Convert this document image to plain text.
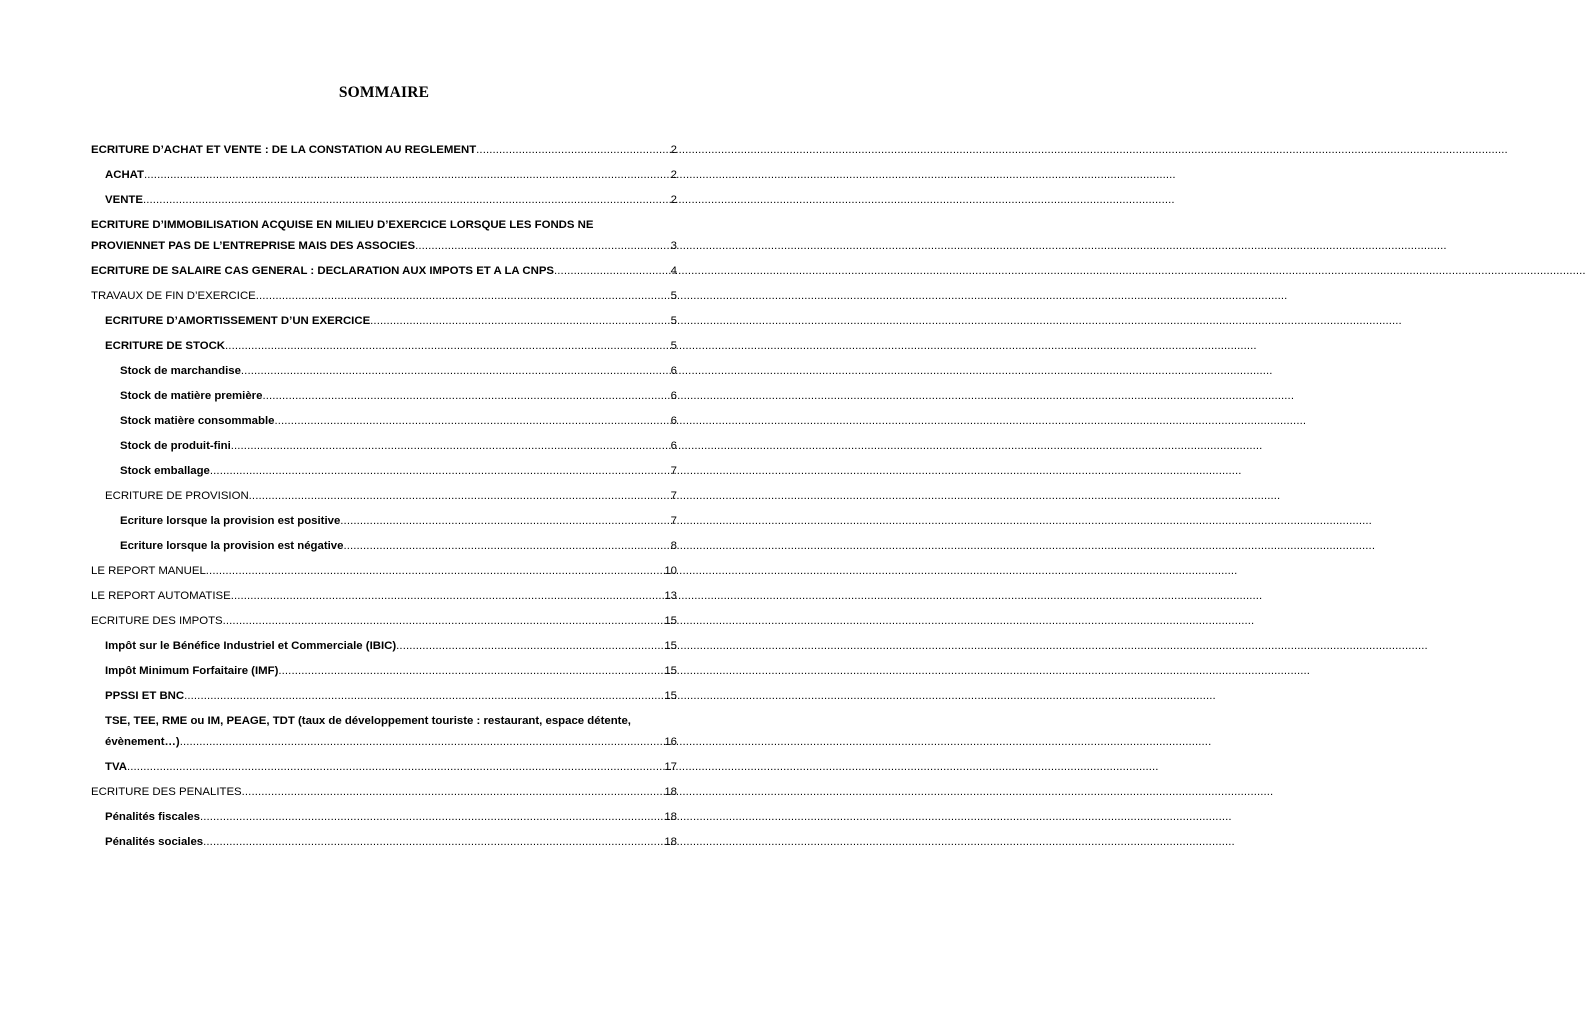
SOMMAIRE
ECRITURE D’ACHAT ET VENTE : DE LA CONSTATION AU REGLEMENT .....	2
ACHAT .....	2
VENTE .....	2
ECRITURE D’IMMOBILISATION ACQUISE EN MILIEU D’EXERCICE LORSQUE LES FONDS NE
PROVIENNET PAS DE L’ENTREPRISE MAIS DES ASSOCIES .....	3
ECRITURE DE SALAIRE CAS GENERAL : DECLARATION AUX IMPOTS ET A LA CNPS .....	4
TRAVAUX DE FIN D’EXERCICE .....	5
ECRITURE D’AMORTISSEMENT D’UN EXERCICE .....	5
ECRITURE DE STOCK .....	5
Stock de marchandise .....	6
Stock de matière première .....	6
Stock matière consommable .....	6
Stock de produit-fini .....	6
Stock emballage .....	7
ECRITURE DE PROVISION .....	7
Ecriture lorsque la provision est positive .....	7
Ecriture lorsque la provision est négative .....	8
LE REPORT MANUEL .....	10
LE REPORT AUTOMATISE .....	13
ECRITURE DES IMPOTS .....	15
Impôt sur le Bénéfice Industriel et Commerciale (IBIC) .....	15
Impôt Minimum Forfaitaire (IMF) .....	15
PPSSI ET BNC .....	15
TSE, TEE, RME ou IM, PEAGE, TDT (taux de développement touriste : restaurant, espace détente,
évènement…) .....	16
TVA .....	17
ECRITURE DES PENALITES .....	18
Pénalités fiscales .....	18
Pénalités sociales .....	18
